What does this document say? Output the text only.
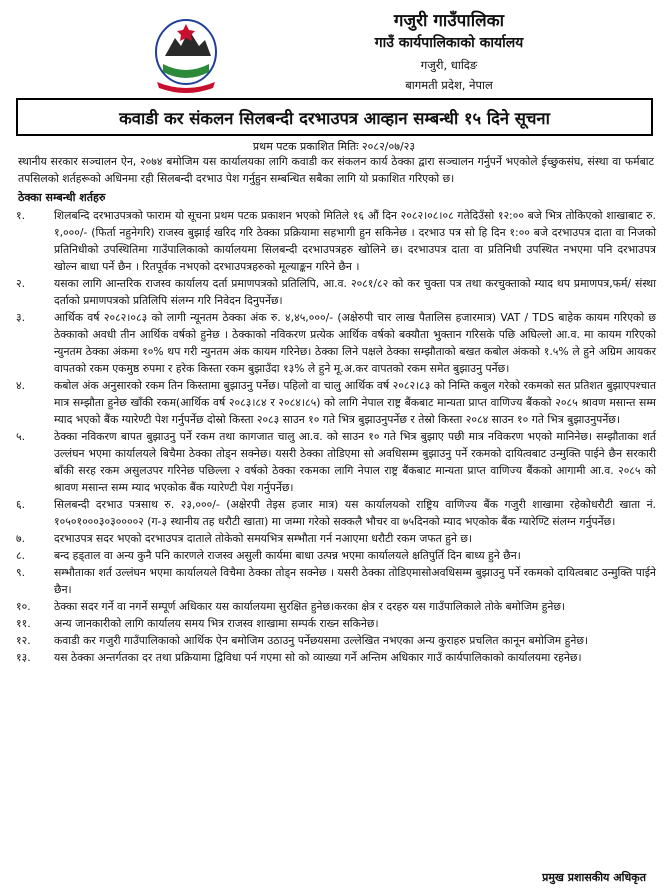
गजुरी गाउँपालिका
गाउँ कार्यपालिकाको कार्यालय
गजुरी, धादिङ
बागमती प्रदेश, नेपाल
कवाडी कर संकलन सिलबन्दी दरभाउपत्र आव्हान सम्बन्धी १५ दिने सूचना
प्रथम पटक प्रकाशित मितिः २०८२/०७/२३
स्थानीय सरकार सञ्चालन ऐन, २०७४ बमोजिम यस कार्यालयका लागि कवाडी कर संकलन कार्य ठेक्का द्वारा सञ्चालन गर्नुपर्ने भएकोले ईच्छुकसंघ, संस्था वा फर्मबाट तपसिलको शर्तहरूको अधिनमा रही सिलबन्दी दरभाउ पेश गर्नुहुन सम्बन्धित सबैका लागि यो प्रकाशित गरिएको छ।
ठेक्का सम्बन्धी शर्तहरु
१.	शिलबन्दि दरभाउपत्रको फाराम यो सूचना प्रथम पटक प्रकाशन भएको मितिले १६ औं दिन २०८२।०८।०८ गतेदिउँसो १२:०० बजे भित्र तोकिएको शाखाबाट रु. १,०००/- (फिर्ता नहुनेगरि) राजस्व बुझाई खरिद गरि ठेक्का प्रक्रियामा सहभागी हुन सकिनेछ । दरभाउ पत्र सो हि दिन १:०० बजे दरभाउपत्र दाता वा निजको प्रतिनिधीको उपस्थितिमा गाउँपालिकाको कार्यालयमा सिलबन्दी दरभाउपत्रहरु खोलिने छ। दरभाउपत्र दाता वा प्रतिनिधी उपस्थित नभएमा पनि दरभाउपत्र खोल्न बाधा पर्ने छैन । रितपूर्वक नभएको दरभाउपत्रहरुको मूल्याङ्कन गरिने छैन ।
२.	यसका लागि आन्तरिक राजस्व कार्यालय दर्ता प्रमाणपत्रको प्रतिलिपि, आ.व. २०८१/८२ को कर चुक्ता पत्र तथा करचुक्ताको म्याद थप प्रमाणपत्र,फर्म/ संस्था दर्ताको प्रमाणपत्रको प्रतिलिपि संलग्न गरि निवेदन दिनुपर्नेछ।
३.	आर्थिक वर्ष २०८२।०८३ को लागी न्यूनतम ठेक्का अंक रु. ४,४५,०००/- (अक्षेरुपी चार लाख पैतालिस हजारमात्र) VAT / TDS बाहेक कायम गरिएको छ ठेक्काको अवधी तीन आर्थिक वर्षको हुनेछ । ठेक्काको नविकरण प्रत्येक आर्थिक वर्षको बक्यौता भुक्तान गरिसके पछि अघिल्लो आ.व. मा कायम गरिएको न्युनतम ठेक्का अंकमा १०% थप गरी न्युनतम अंक कायम गरिनेछ। ठेक्का लिने पक्षले ठेक्का सम्झौताको बखत कबोल अंकको १.५% ले हुने अग्रिम आयकर वापतको रकम एकमुष्ठ रुपमा र हरेक किस्ता रकम बुझाउँदा १३% ले हुने मू.अ.कर वापतको रकम समेत बुझाउनु पर्नेछ।
४.	कबोल अंक अनुसारको रकम तिन किस्तामा बुझाउनु पर्नेछ। पहिलो वा चालु आर्थिक वर्ष २०८२।८३ को निम्ति कबुल गरेको रकमको सत प्रतिशत बुझाएपश्चात मात्र सम्झौता हुनेछ खाँकी रकम(आर्थिक वर्ष २०८३।८४ र २०८४।८५) को लागि नेपाल राष्ट्र बैंकबाट मान्यता प्राप्त वाणिज्य बैंकको २०८५ श्रावण मसान्त सम्म म्याद भएको बैंक ग्यारेण्टी पेश गर्नुपर्नेछ दोस्रो किस्ता २०८३ साउन १० गते भित्र बुझाउनुपर्नेछ र तेस्रो किस्ता २०८४ साउन १० गते भित्र बुझाउनुपर्नेछ।
५.	ठेक्का नविकरण बापत बुझाउनु पर्ने रकम तथा कागजात चालु आ.व. को साउन १० गते भित्र बुझाए पछी मात्र नविकरण भएको मानिनेछ। सम्झौताका शर्त उल्लंघन भएमा कार्यालयले बिचैमा ठेक्का तोड्न सक्नेछ। यसरी ठेक्का तोडिएमा सो अवधिसम्म बुझाउनु पर्ने रकमको दायित्वबाट उन्मुक्ति पाईने छैन सरकारी बाँकी सरह रकम असुलउपर गरिनेछ पछिल्ला २ वर्षको ठेक्का रकमका लागि नेपाल राष्ट्र बैंकबाट मान्यता प्राप्त वाणिज्य बैंकको आगामी आ.व. २०८५ को श्रावण मसान्त सम्म म्याद भएकोक बैंक ग्यारेण्टी पेश गर्नुपर्नेछ।
६.	सिलबन्दी दरभाउ पत्रसाथ रु. २३,०००/- (अक्षेरपी तेइस हजार मात्र) यस कार्यालयको राष्ट्रिय वाणिज्य बैंक गजुरी शाखामा रहेकोधरौटी खाता नं. १०५०१०००३०३००००२ (ग-३ स्थानीय तह धरौटी खाता) मा जम्मा गरेको सक्कलै भौचर वा ७५दिनको म्याद भएकोक बैंक ग्यारेण्टि संलग्न गर्नुपर्नेछ।
७.	दरभाउपत्र सदर भएको दरभाउपत्र दाताले तोकेको समयभित्र सम्भौता गर्न नआएमा धरौटी रकम जफत हुने छ।
८.	बन्द हड्ताल वा अन्य कुनै पनि कारणले राजस्व असुली कार्यमा बाधा उत्पन्न भएमा कार्यालयले क्षतिपुर्ति दिन बाध्य हुने छैन।
९.	सम्भौताका शर्त उल्लंघन भएमा कार्यालयले विचैमा ठेक्का तोड्न सक्नेछ । यसरी ठेक्का तोडिएमासोअवधिसम्म बुझाउनु पर्ने रकमको दायित्वबाट उन्मुक्ति पाईने छैन।
१०.	ठेक्का सदर गर्ने वा नगर्ने सम्पूर्ण अधिकार यस कार्यालयमा सुरक्षित हुनेछ।करका क्षेत्र र दरहरु यस गाउँपालिकाले तोके बमोजिम हुनेछ।
११.	अन्य जानकारीको लागि कार्यालय समय भित्र राजस्व शाखामा सम्पर्क राख्न सकिनेछ।
१२.	कवाडी कर गजुरी गाउँपालिकाको आर्थिक ऐन बमोजिम उठाउनु पर्नेछयसमा उल्लेखित नभएका अन्य कुराहरु प्रचलित कानून बमोजिम हुनेछ।
१३.	यस ठेक्का अन्तर्गतका दर तथा प्रक्रियामा द्विविधा पर्न गएमा सो को व्याख्या गर्ने अन्तिम अधिकार गाउँ कार्यपालिकाको कार्यालयमा रहनेछ।
प्रमुख प्रशासकीय अधिकृत
